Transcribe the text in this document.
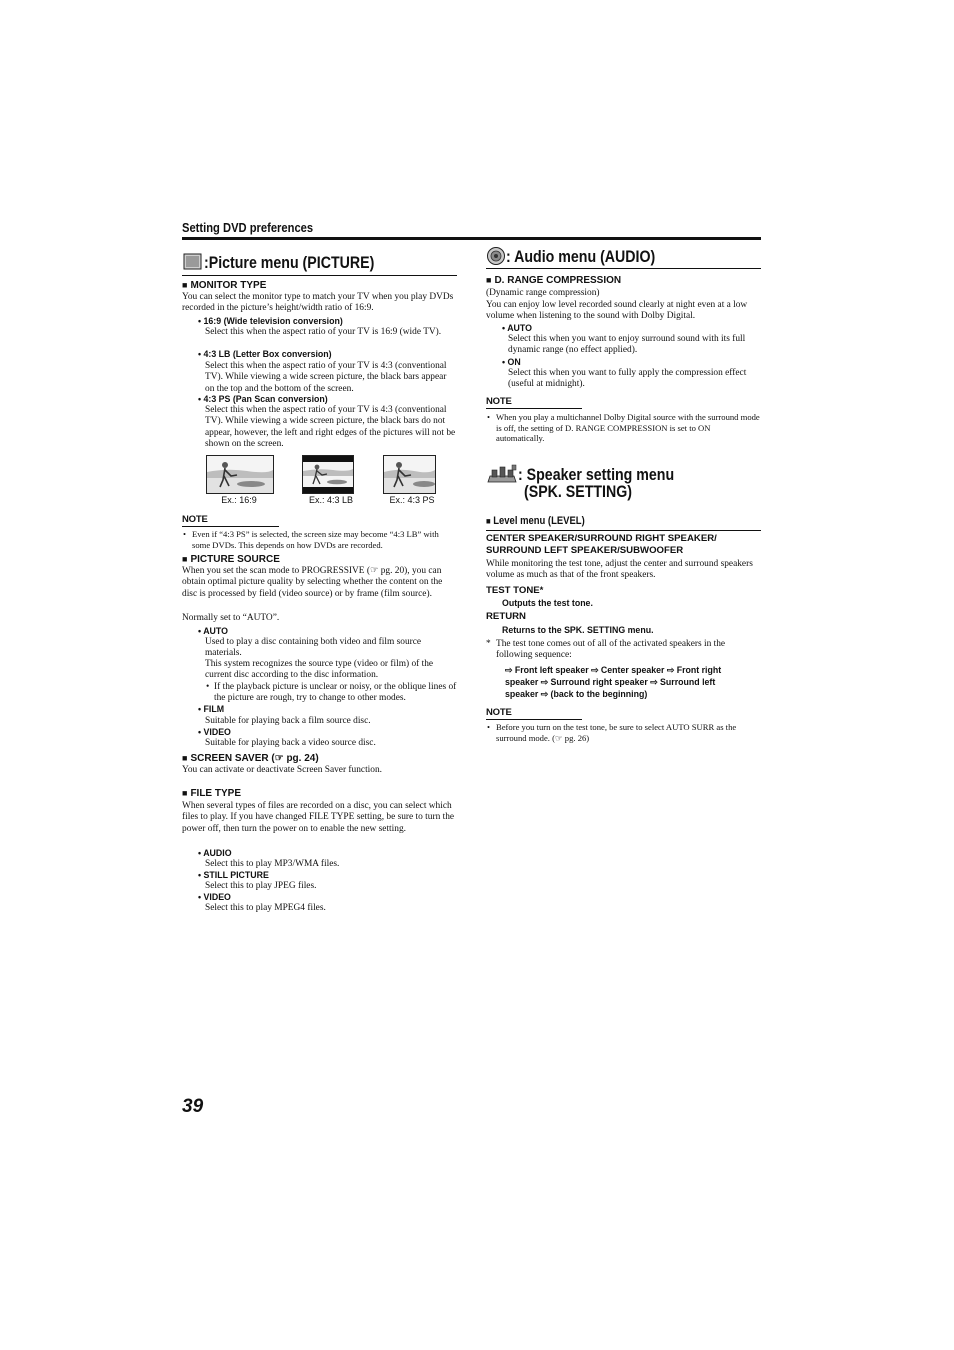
Setting DVD preferences
:Picture menu (PICTURE)
■ MONITOR TYPE
You can select the monitor type to match your TV when you play DVDs recorded in the picture’s height/width ratio of 16:9.
• 16:9 (Wide television conversion)
Select this when the aspect ratio of your TV is 16:9 (wide TV).
• 4:3 LB (Letter Box conversion)
Select this when the aspect ratio of your TV is 4:3 (conventional TV). While viewing a wide screen picture, the black bars appear on the top and the bottom of the screen.
• 4:3 PS (Pan Scan conversion)
Select this when the aspect ratio of your TV is 4:3 (conventional TV). While viewing a wide screen picture, the black bars do not appear, however, the left and right edges of the pictures will not be shown on the screen.
Ex.: 16:9	Ex.: 4:3 LB	Ex.: 4:3 PS
NOTE
• Even if “4:3 PS” is selected, the screen size may become “4:3 LB” with some DVDs. This depends on how DVDs are recorded.
■ PICTURE SOURCE
When you set the scan mode to PROGRESSIVE (☞ pg. 20), you can obtain optimal picture quality by selecting whether the content on the disc is processed by field (video source) or by frame (film source).
Normally set to “AUTO”.
• AUTO
Used to play a disc containing both video and film source materials.
This system recognizes the source type (video or film) of the current disc according to the disc information.
• If the playback picture is unclear or noisy, or the oblique lines of the picture are rough, try to change to other modes.
• FILM
Suitable for playing back a film source disc.
• VIDEO
Suitable for playing back a video source disc.
■ SCREEN SAVER (☞ pg. 24)
You can activate or deactivate Screen Saver function.
■ FILE TYPE
When several types of files are recorded on a disc, you can select which files to play. If you have changed FILE TYPE setting, be sure to turn the power off, then turn the power on to enable the new setting.
• AUDIO
Select this to play MP3/WMA files.
• STILL PICTURE
Select this to play JPEG files.
• VIDEO
Select this to play MPEG4 files.
: Audio menu (AUDIO)
■ D. RANGE COMPRESSION
(Dynamic range compression)
You can enjoy low level recorded sound clearly at night even at a low volume when listening to the sound with Dolby Digital.
• AUTO
Select this when you want to enjoy surround sound with its full dynamic range (no effect applied).
• ON
Select this when you want to fully apply the compression effect (useful at midnight).
NOTE
• When you play a multichannel Dolby Digital source with the surround mode is off, the setting of D. RANGE COMPRESSION is set to ON automatically.
: Speaker setting menu
(SPK. SETTING)
■ Level menu (LEVEL)
CENTER SPEAKER/SURROUND RIGHT SPEAKER/
SURROUND LEFT SPEAKER/SUBWOOFER
While monitoring the test tone, adjust the center and surround speakers volume as much as that of the front speakers.
TEST TONE*
Outputs the test tone.
RETURN
Returns to the SPK. SETTING menu.
* The test tone comes out of all of the activated speakers in the following sequence:
⇨ Front left speaker ⇨ Center speaker ⇨ Front right
speaker ⇨ Surround right speaker ⇨ Surround left
speaker ⇨ (back to the beginning)
NOTE
• Before you turn on the test tone, be sure to select AUTO SURR as the surround mode. (☞ pg. 26)
39
